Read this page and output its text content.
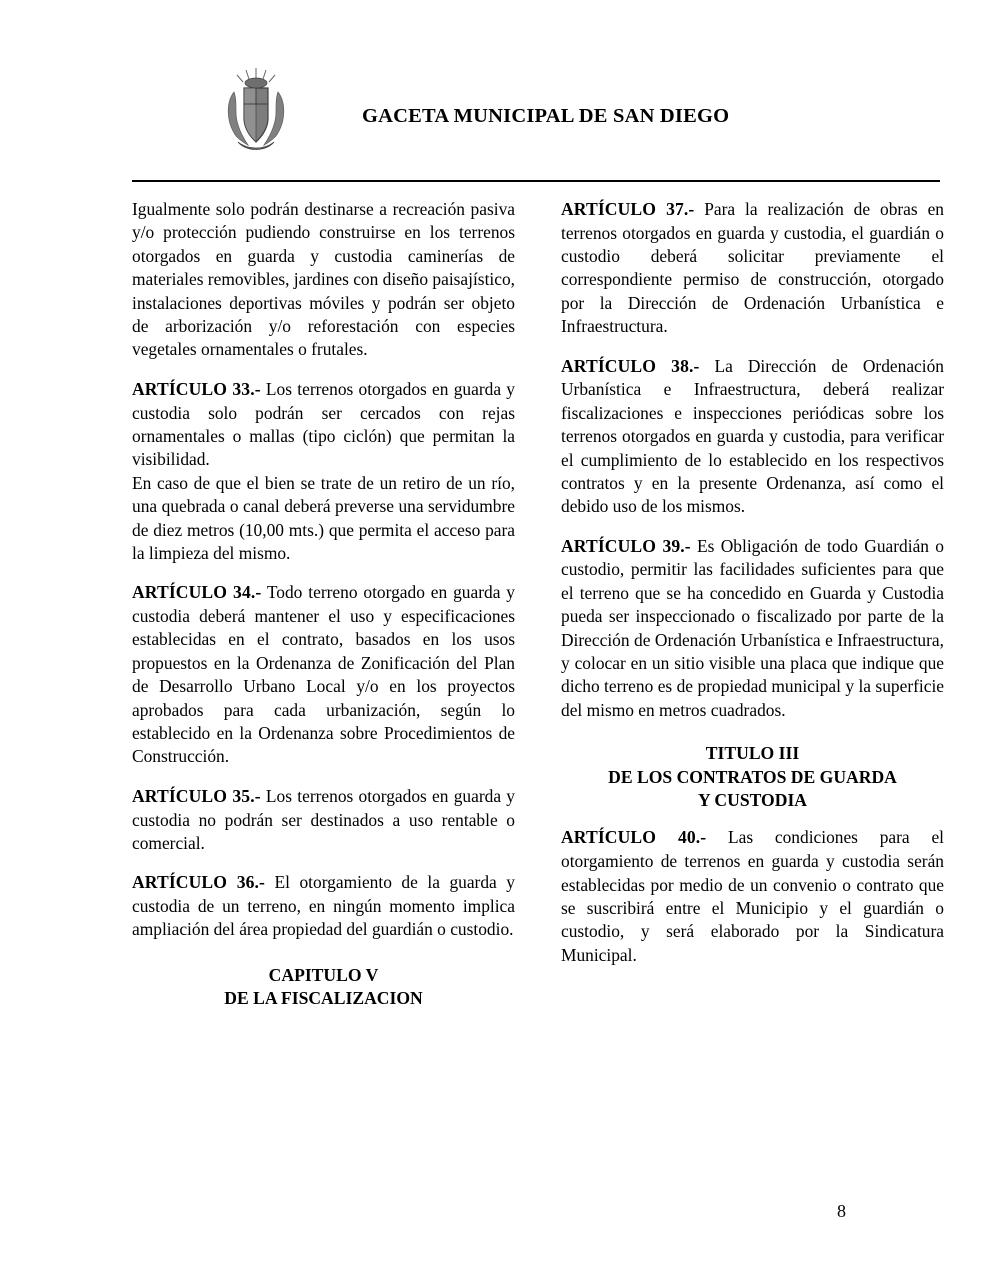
GACETA MUNICIPAL DE SAN DIEGO

Igualmente solo podrán destinarse a recreación pasiva y/o protección pudiendo construirse en los terrenos otorgados en guarda y custodia caminerías de materiales removibles, jardines con diseño paisajístico, instalaciones deportivas móviles y podrán ser objeto de arborización y/o reforestación con especies vegetales ornamentales o frutales.

ARTÍCULO 33.- Los terrenos otorgados en guarda y custodia solo podrán ser cercados con rejas ornamentales o mallas (tipo ciclón) que permitan la visibilidad.

En caso de que el bien se trate de un retiro de un río, una quebrada o canal deberá preverse una servidumbre de diez metros (10,00 mts.) que permita el acceso para la limpieza del mismo.

ARTÍCULO 34.- Todo terreno otorgado en guarda y custodia deberá mantener el uso y especificaciones establecidas en el contrato, basados en los usos propuestos en la Ordenanza de Zonificación del Plan de Desarrollo Urbano Local y/o en los proyectos aprobados para cada urbanización, según lo establecido en la Ordenanza sobre Procedimientos de Construcción.

ARTÍCULO 35.- Los terrenos otorgados en guarda y custodia no podrán ser destinados a uso rentable o comercial.

ARTÍCULO 36.- El otorgamiento de la guarda y custodia de un terreno, en ningún momento implica ampliación del área propiedad del guardián o custodio.

CAPITULO V
DE LA FISCALIZACION

ARTÍCULO 37.- Para la realización de obras en terrenos otorgados en guarda y custodia, el guardián o custodio deberá solicitar previamente el correspondiente permiso de construcción, otorgado por la Dirección de Ordenación Urbanística e Infraestructura.

ARTÍCULO 38.- La Dirección de Ordenación Urbanística e Infraestructura, deberá realizar fiscalizaciones e inspecciones periódicas sobre los terrenos otorgados en guarda y custodia, para verificar el cumplimiento de lo establecido en los respectivos contratos y en la presente Ordenanza, así como el debido uso de los mismos.

ARTÍCULO 39.- Es Obligación de todo Guardián o custodio, permitir las facilidades suficientes para que el terreno que se ha concedido en Guarda y Custodia pueda ser inspeccionado o fiscalizado por parte de la Dirección de Ordenación Urbanística e Infraestructura, y colocar en un sitio visible una placa que indique que dicho terreno es de propiedad municipal y la superficie del mismo en metros cuadrados.

TITULO III
DE LOS CONTRATOS DE GUARDA
Y CUSTODIA

ARTÍCULO 40.- Las condiciones para el otorgamiento de terrenos en guarda y custodia serán establecidas por medio de un convenio o contrato que se suscribirá entre el Municipio y el guardián o custodio, y será elaborado por la Sindicatura Municipal.

8
